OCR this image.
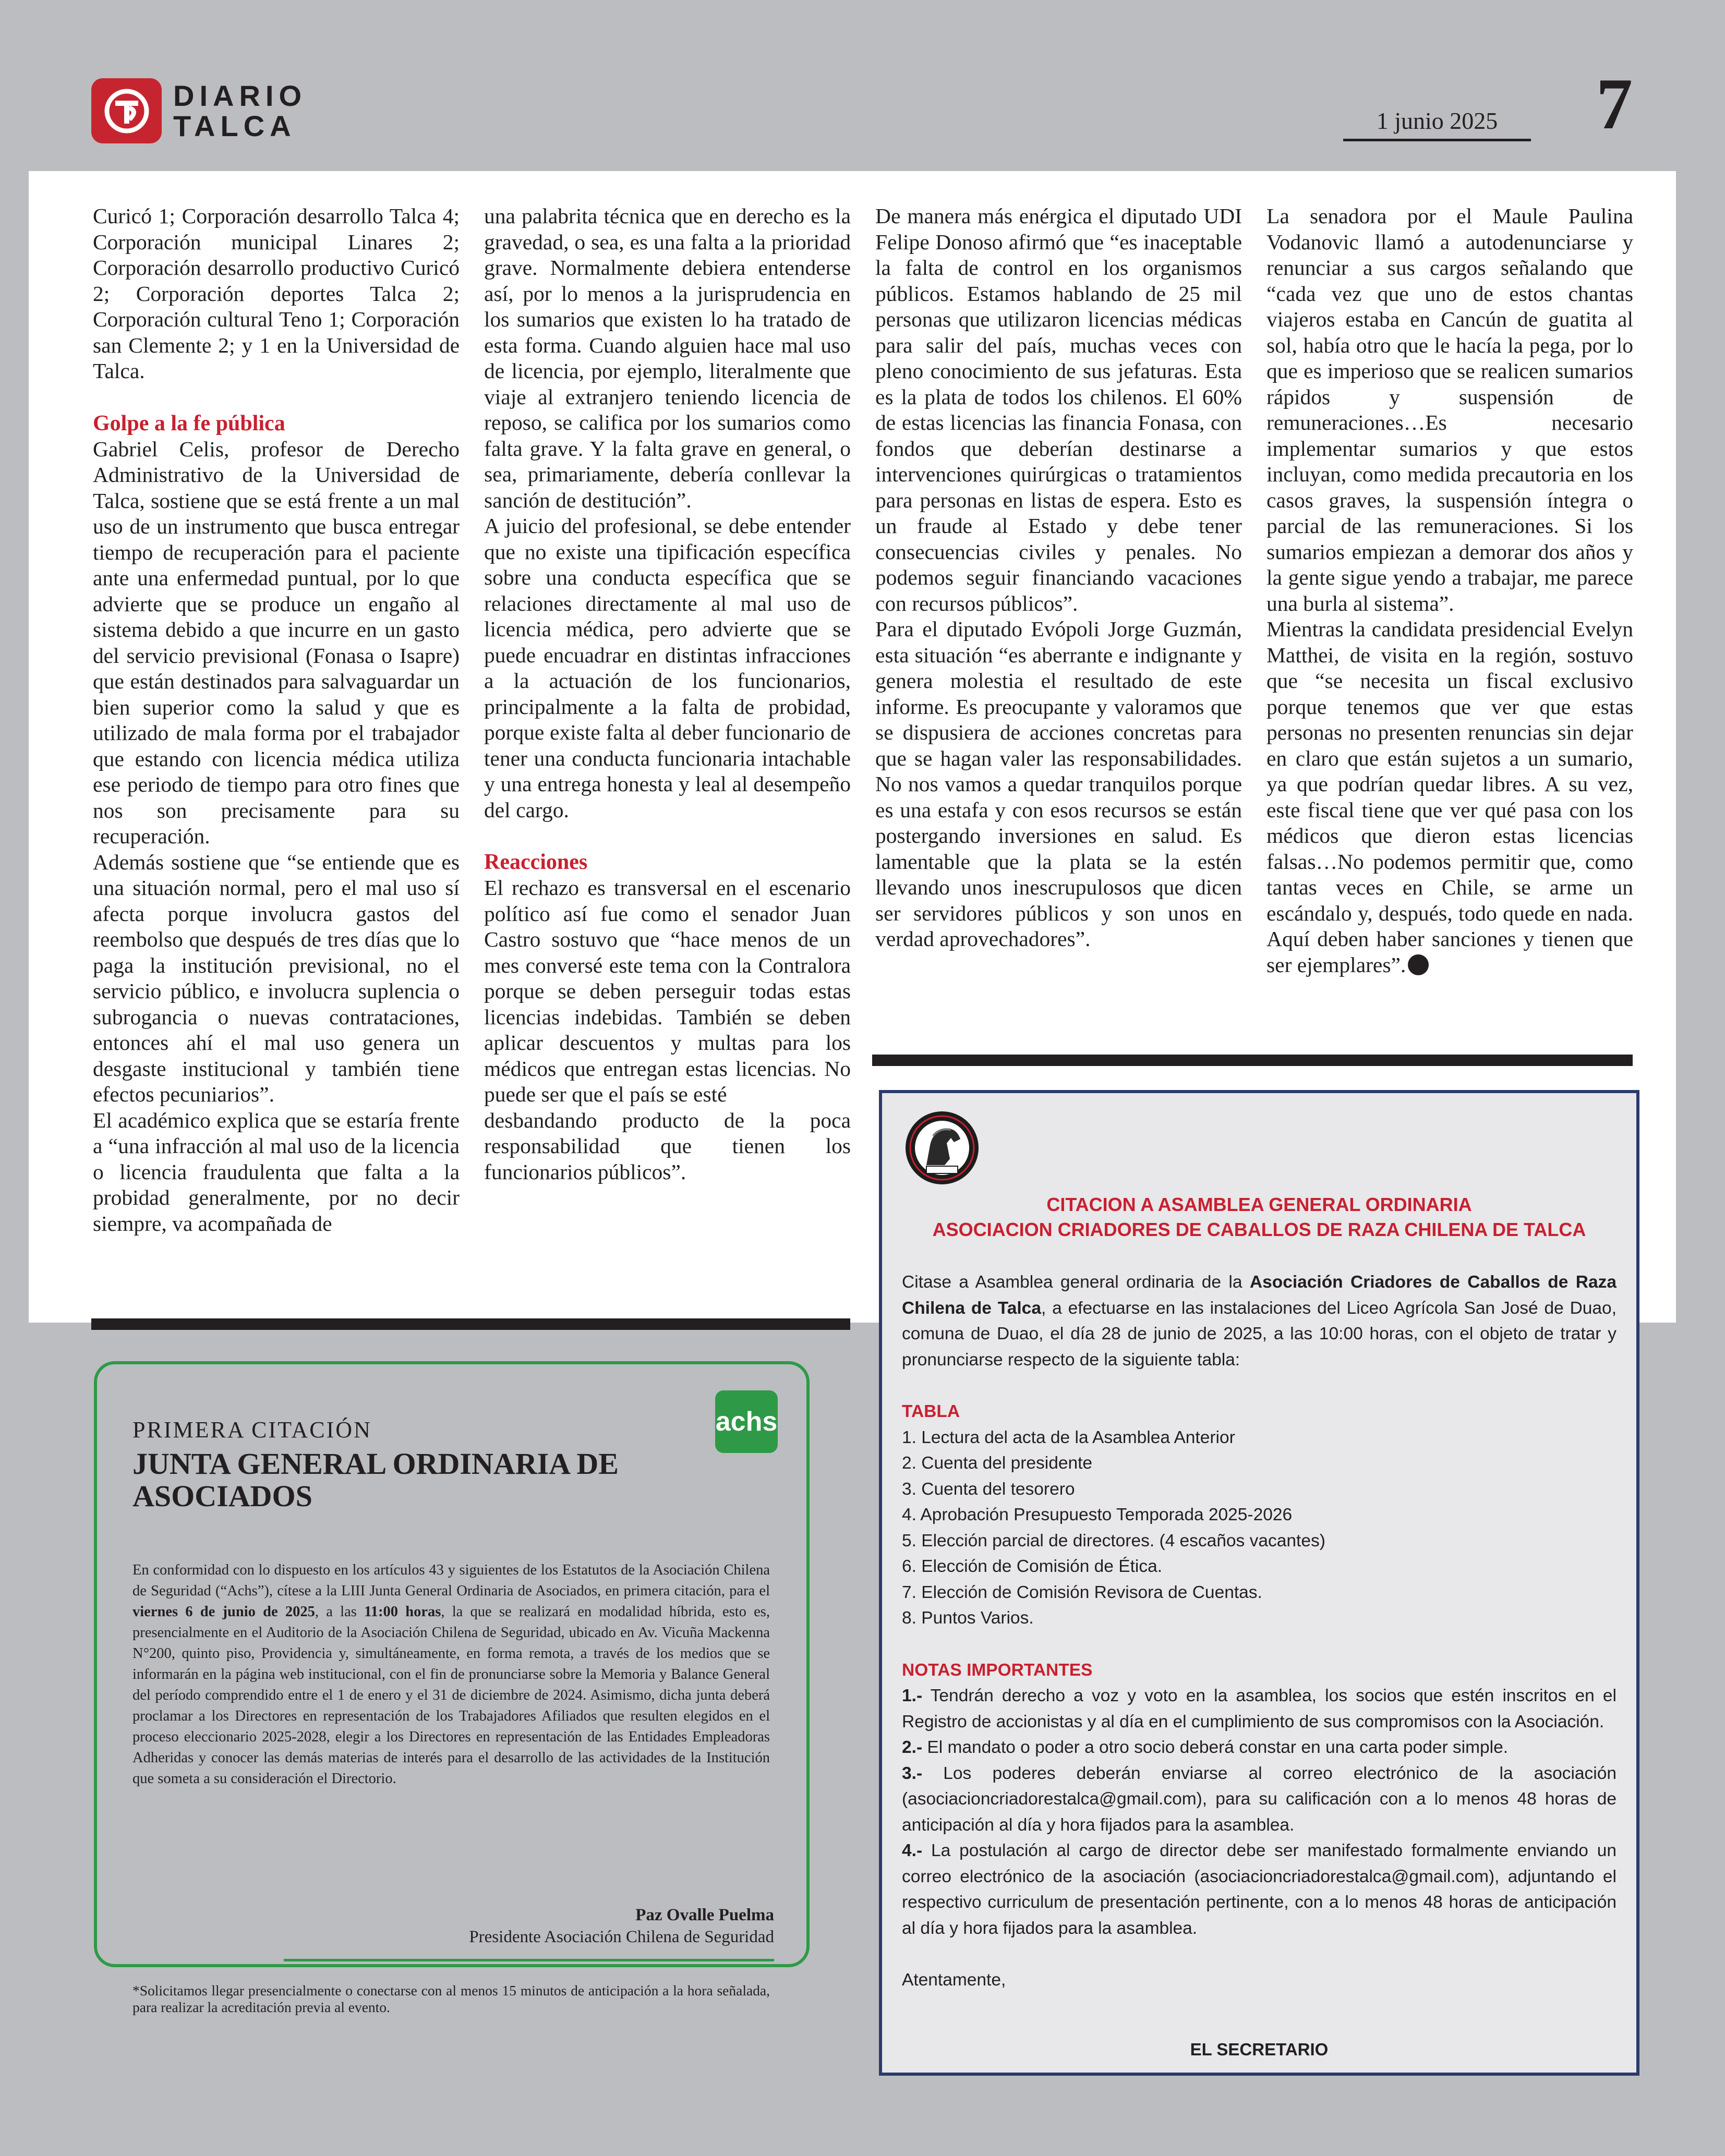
DIARIO
TALCA	1 junio 2025	7

Curicó 1; Corporación desarrollo Talca 4; Corporación municipal Linares 2; Corporación desarrollo productivo Curicó 2; Corporación deportes Talca 2; Corporación cultural Teno 1; Corporación san Clemente 2; y 1 en la Universidad de Talca.

Golpe a la fe pública

Gabriel Celis, profesor de Derecho Administrativo de la Universidad de Talca, sostiene que se está frente a un mal uso de un instrumento que busca entregar tiempo de recuperación para el paciente ante una enfermedad puntual, por lo que advierte que se produce un engaño al sistema debido a que incurre en un gasto del servicio previsional (Fonasa o Isapre) que están destinados para salvaguardar un bien superior como la salud y que es utilizado de mala forma por el trabajador que estando con licencia médica utiliza ese periodo de tiempo para otro fines que nos son precisamente para su recuperación.

Además sostiene que “se entiende que es una situación normal, pero el mal uso sí afecta porque involucra gastos del reembolso que después de tres días que lo paga la institución previsional, no el servicio público, e involucra suplencia o subrogancia o nuevas contrataciones, entonces ahí el mal uso genera un desgaste institucional y también tiene efectos pecuniarios”.

El académico explica que se estaría frente a “una infracción al mal uso de la licencia o licencia fraudulenta que falta a la probidad generalmente, por no decir siempre, va acompañada de

una palabrita técnica que en derecho es la gravedad, o sea, es una falta a la prioridad grave. Normalmente debiera entenderse así, por lo menos a la jurisprudencia en los sumarios que existen lo ha tratado de esta forma. Cuando alguien hace mal uso de licencia, por ejemplo, literalmente que viaje al extranjero teniendo licencia de reposo, se califica por los sumarios como falta grave. Y la falta grave en general, o sea, primariamente, debería conllevar la sanción de destitución”.

A juicio del profesional, se debe entender que no existe una tipificación específica sobre una conducta específica que se relaciones directamente al mal uso de licencia médica, pero advierte que se puede encuadrar en distintas infracciones a la actuación de los funcionarios, principalmente a la falta de probidad, porque existe falta al deber funcionario de tener una conducta funcionaria intachable y una entrega honesta y leal al desempeño del cargo.

Reacciones

El rechazo es transversal en el escenario político así fue como el senador Juan Castro sostuvo que “hace menos de un mes conversé este tema con la Contralora porque se deben perseguir todas estas licencias indebidas. También se deben aplicar descuentos y multas para los médicos que entregan estas licencias. No puede ser que el país se esté

desbandando producto de la poca responsabilidad que tienen los funcionarios públicos”.

De manera más enérgica el diputado UDI Felipe Donoso afirmó que “es inaceptable la falta de control en los organismos públicos. Estamos hablando de 25 mil personas que utilizaron licencias médicas para salir del país, muchas veces con pleno conocimiento de sus jefaturas. Esta es la plata de todos los chilenos. El 60% de estas licencias las financia Fonasa, con fondos que deberían destinarse a intervenciones quirúrgicas o tratamientos para personas en listas de espera. Esto es un fraude al Estado y debe tener consecuencias civiles y penales. No podemos seguir financiando vacaciones con recursos públicos”.

Para el diputado Evópoli Jorge Guzmán, esta situación “es aberrante e indignante y genera molestia el resultado de este informe. Es preocupante y valoramos que se dispusiera de acciones concretas para que se hagan valer las responsabilidades. No nos vamos a quedar tranquilos porque es una estafa y con esos recursos se están postergando inversiones en salud. Es lamentable que la plata se la estén llevando unos inescrupulosos que dicen ser servidores públicos y son unos en verdad aprovechadores”.

La senadora por el Maule Paulina Vodanovic llamó a autodenunciarse y renunciar a sus cargos señalando que “cada vez que uno de estos chantas viajeros estaba en Cancún de guatita al sol, había otro que le hacía la pega, por lo que es imperioso que se realicen sumarios rápidos y suspensión de remuneraciones…Es necesario implementar sumarios y que estos incluyan, como medida precautoria en los casos graves, la suspensión íntegra o parcial de las remuneraciones. Si los sumarios empiezan a demorar dos años y la gente sigue yendo a trabajar, me parece una burla al sistema”.

Mientras la candidata presidencial Evelyn Matthei, de visita en la región, sostuvo que “se necesita un fiscal exclusivo porque tenemos que ver que estas personas no presenten renuncias sin dejar en claro que están sujetos a un sumario, ya que podrían quedar libres. A su vez, este fiscal tiene que ver qué pasa con los médicos que dieron estas licencias falsas…No podemos permitir que, como tantas veces en Chile, se arme un escándalo y, después, todo quede en nada. Aquí deben haber sanciones y tienen que ser ejemplares”.

achs
PRIMERA CITACIÓN
JUNTA GENERAL ORDINARIA DE ASOCIADOS
En conformidad con lo dispuesto en los artículos 43 y siguientes de los Estatutos de la Asociación Chilena de Seguridad (“Achs”), cítese a la LIII Junta General Ordinaria de Asociados, en primera citación, para el viernes 6 de junio de 2025, a las 11:00 horas, la que se realizará en modalidad híbrida, esto es, presencialmente en el Auditorio de la Asociación Chilena de Seguridad, ubicado en Av. Vicuña Mackenna N°200, quinto piso, Providencia y, simultáneamente, en forma remota, a través de los medios que se informarán en la página web institucional, con el fin de pronunciarse sobre la Memoria y Balance General del período comprendido entre el 1 de enero y el 31 de diciembre de 2024. Asimismo, dicha junta deberá proclamar a los Directores en representación de los Trabajadores Afiliados que resulten elegidos en el proceso eleccionario 2025-2028, elegir a los Directores en representación de las Entidades Empleadoras Adheridas y conocer las demás materias de interés para el desarrollo de las actividades de la Institución que someta a su consideración el Directorio.
Paz Ovalle Puelma
Presidente Asociación Chilena de Seguridad
*Solicitamos llegar presencialmente o conectarse con al menos 15 minutos de anticipación a la hora señalada, para realizar la acreditación previa al evento.
CITACION A ASAMBLEA GENERAL ORDINARIA
ASOCIACION CRIADORES DE CABALLOS DE RAZA CHILENA DE TALCA

Citase a Asamblea general ordinaria de la Asociación Criadores de Caballos de Raza Chilena de Talca, a efectuarse en las instalaciones del Liceo Agrícola San José de Duao, comuna de Duao, el día 28 de junio de 2025, a las 10:00 horas, con el objeto de tratar y pronunciarse respecto de la siguiente tabla:

TABLA
1. Lectura del acta de la Asamblea Anterior
2. Cuenta del presidente
3. Cuenta del tesorero
4. Aprobación Presupuesto Temporada 2025-2026
5. Elección parcial de directores. (4 escaños vacantes)
6. Elección de Comisión de Ética.
7. Elección de Comisión Revisora de Cuentas.
8. Puntos Varios.
NOTAS IMPORTANTES

1.- Tendrán derecho a voz y voto en la asamblea, los socios que estén inscritos en el Registro de accionistas y al día en el cumplimiento de sus compromisos con la Asociación.

2.- El mandato o poder a otro socio deberá constar en una carta poder simple.

3.- Los poderes deberán enviarse al correo electrónico de la asociación (asociacioncriadorestalca@gmail.com), para su calificación con a lo menos 48 horas de anticipación al día y hora fijados para la asamblea.

4.- La postulación al cargo de director debe ser manifestado formalmente enviando un correo electrónico de la asociación (asociacioncriadorestalca@gmail.com), adjuntando el respectivo curriculum de presentación pertinente, con a lo menos 48 horas de anticipación al día y hora fijados para la asamblea.

Atentamente,

EL SECRETARIO
